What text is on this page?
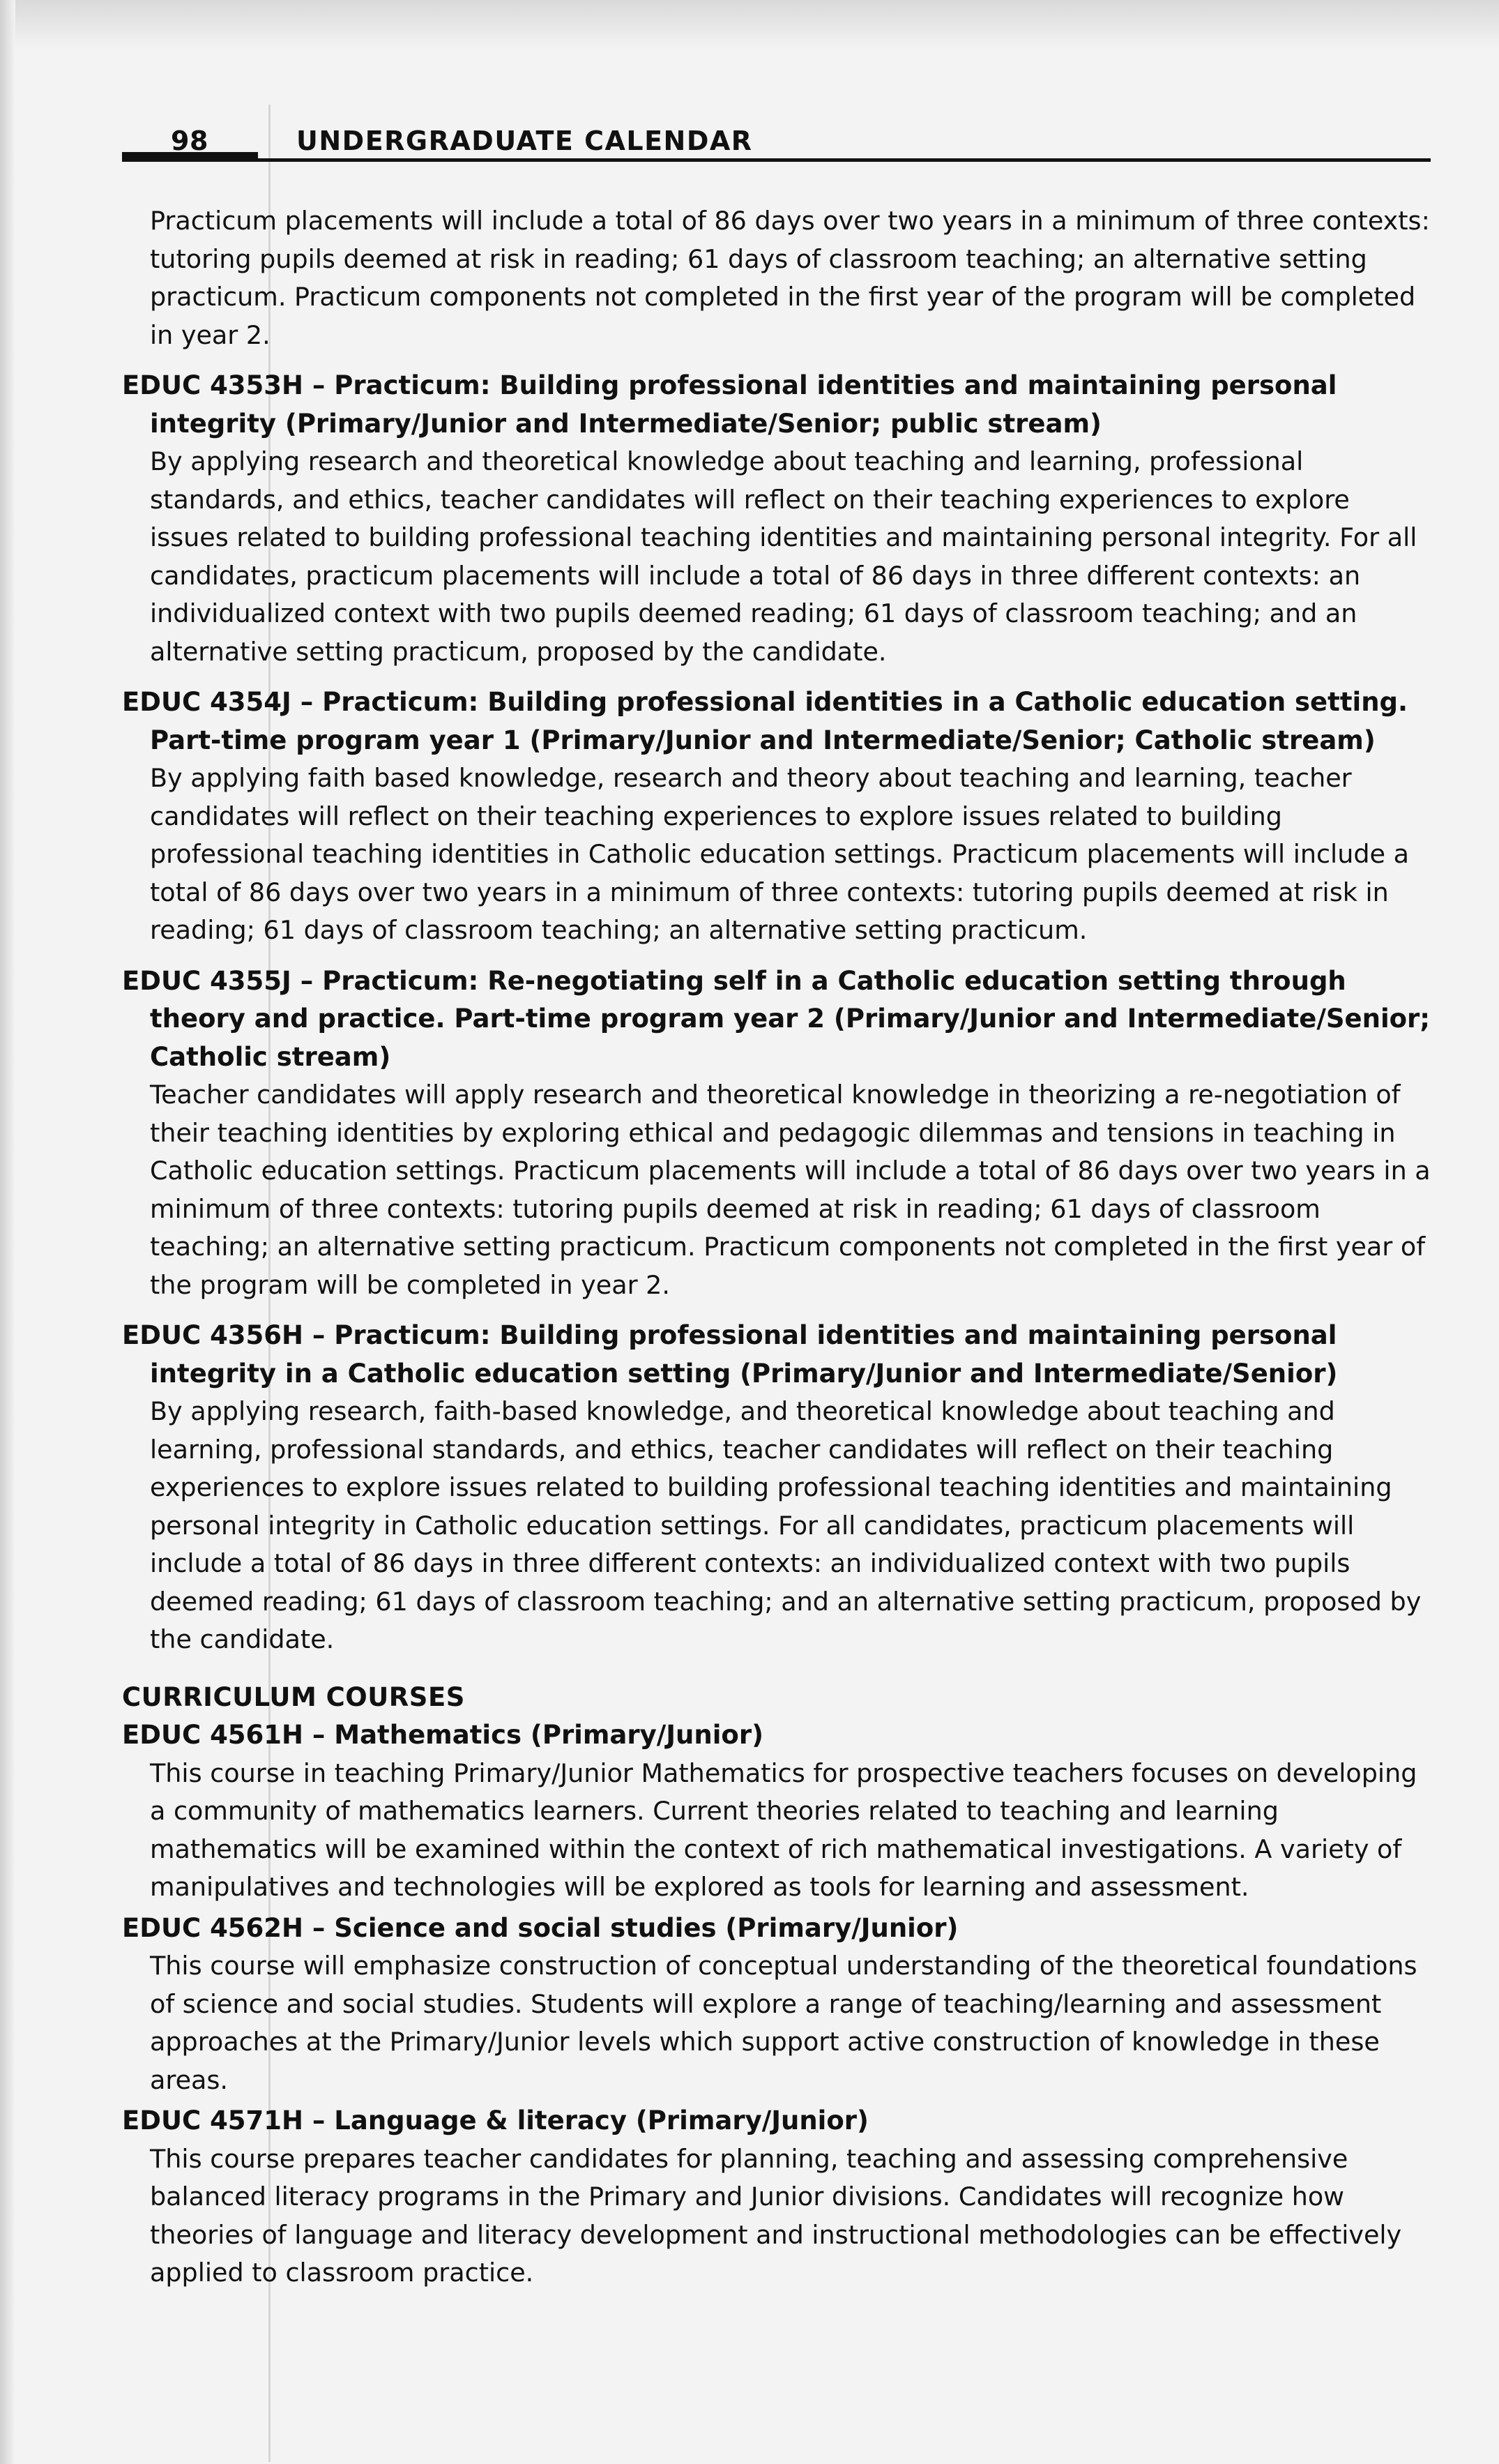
98	UNDERGRADUATE CALENDAR
Practicum placements will include a total of 86 days over two years in a minimum of three contexts: tutoring pupils deemed at risk in reading; 61 days of classroom teaching; an alternative setting practicum. Practicum components not completed in the first year of the program will be completed in year 2.
EDUC 4353H – Practicum: Building professional identities and maintaining personal integrity (Primary/Junior and Intermediate/Senior; public stream)
By applying research and theoretical knowledge about teaching and learning, professional standards, and ethics, teacher candidates will reflect on their teaching experiences to explore issues related to building professional teaching identities and maintaining personal integrity. For all candidates, practicum placements will include a total of 86 days in three different contexts: an individualized context with two pupils deemed reading; 61 days of classroom teaching; and an alternative setting practicum, proposed by the candidate.
EDUC 4354J – Practicum: Building professional identities in a Catholic education setting. Part-time program year 1 (Primary/Junior and Intermediate/Senior; Catholic stream)
By applying faith based knowledge, research and theory about teaching and learning, teacher candidates will reflect on their teaching experiences to explore issues related to building professional teaching identities in Catholic education settings. Practicum placements will include a total of 86 days over two years in a minimum of three contexts: tutoring pupils deemed at risk in reading; 61 days of classroom teaching; an alternative setting practicum.
EDUC 4355J – Practicum: Re-negotiating self in a Catholic education setting through theory and practice. Part-time program year 2 (Primary/Junior and Intermediate/Senior; Catholic stream)
Teacher candidates will apply research and theoretical knowledge in theorizing a re-negotiation of their teaching identities by exploring ethical and pedagogic dilemmas and tensions in teaching in Catholic education settings. Practicum placements will include a total of 86 days over two years in a minimum of three contexts: tutoring pupils deemed at risk in reading; 61 days of classroom teaching; an alternative setting practicum. Practicum components not completed in the first year of the program will be completed in year 2.
EDUC 4356H – Practicum: Building professional identities and maintaining personal integrity in a Catholic education setting (Primary/Junior and Intermediate/Senior)
By applying research, faith-based knowledge, and theoretical knowledge about teaching and learning, professional standards, and ethics, teacher candidates will reflect on their teaching experiences to explore issues related to building professional teaching identities and maintaining personal integrity in Catholic education settings. For all candidates, practicum placements will include a total of 86 days in three different contexts: an individualized context with two pupils deemed reading; 61 days of classroom teaching; and an alternative setting practicum, proposed by the candidate.
CURRICULUM COURSES
EDUC 4561H – Mathematics (Primary/Junior)
This course in teaching Primary/Junior Mathematics for prospective teachers focuses on developing a community of mathematics learners. Current theories related to teaching and learning mathematics will be examined within the context of rich mathematical investigations. A variety of manipulatives and technologies will be explored as tools for learning and assessment.
EDUC 4562H – Science and social studies (Primary/Junior)
This course will emphasize construction of conceptual understanding of the theoretical foundations of science and social studies. Students will explore a range of teaching/learning and assessment approaches at the Primary/Junior levels which support active construction of knowledge in these areas.
EDUC 4571H – Language & literacy (Primary/Junior)
This course prepares teacher candidates for planning, teaching and assessing comprehensive balanced literacy programs in the Primary and Junior divisions. Candidates will recognize how theories of language and literacy development and instructional methodologies can be effectively applied to classroom practice.
